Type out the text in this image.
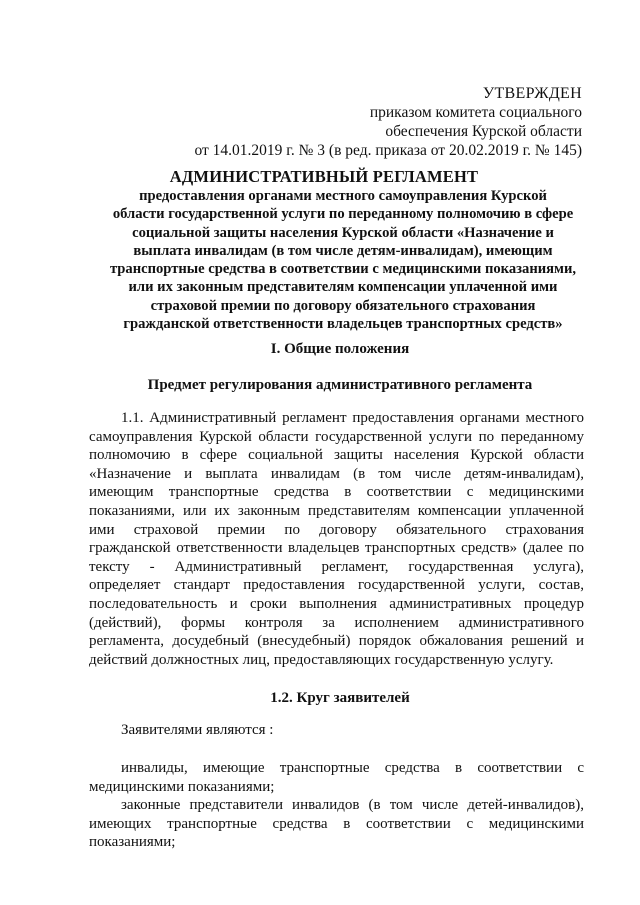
УТВЕРЖДЕН
приказом комитета социального
обеспечения Курской области
от 14.01.2019 г. № 3 (в ред. приказа от 20.02.2019 г. № 145)
АДМИНИСТРАТИВНЫЙ РЕГЛАМЕНТ
предоставления органами местного самоуправления Курской
области государственной услуги по переданному полномочию в сфере
социальной защиты населения Курской области «Назначение и
выплата инвалидам (в том числе детям-инвалидам), имеющим
транспортные средства в соответствии с медицинскими показаниями,
или их законным представителям компенсации уплаченной ими
страховой премии по договору обязательного страхования
гражданской ответственности владельцев транспортных средств»
I. Общие положения
Предмет регулирования административного регламента
1.1. Административный регламент предоставления органами местного
самоуправления Курской области государственной услуги по переданному
полномочию в сфере социальной защиты населения Курской области
«Назначение и выплата инвалидам (в том числе детям-инвалидам),
имеющим транспортные средства в соответствии с медицинскими
показаниями, или их законным представителям компенсации уплаченной
ими страховой премии по договору обязательного страхования
гражданской ответственности владельцев транспортных средств» (далее по
тексту - Административный регламент, государственная услуга),
определяет стандарт предоставления государственной услуги, состав,
последовательность и сроки выполнения административных процедур
(действий), формы контроля за исполнением административного
регламента, досудебный (внесудебный) порядок обжалования решений и
действий должностных лиц, предоставляющих государственную услугу.
1.2. Круг заявителей
Заявителями являются :
инвалиды, имеющие транспортные средства в соответствии с
медицинскими показаниями;
законные представители инвалидов (в том числе детей-инвалидов),
имеющих транспортные средства в соответствии с медицинскими
показаниями;
